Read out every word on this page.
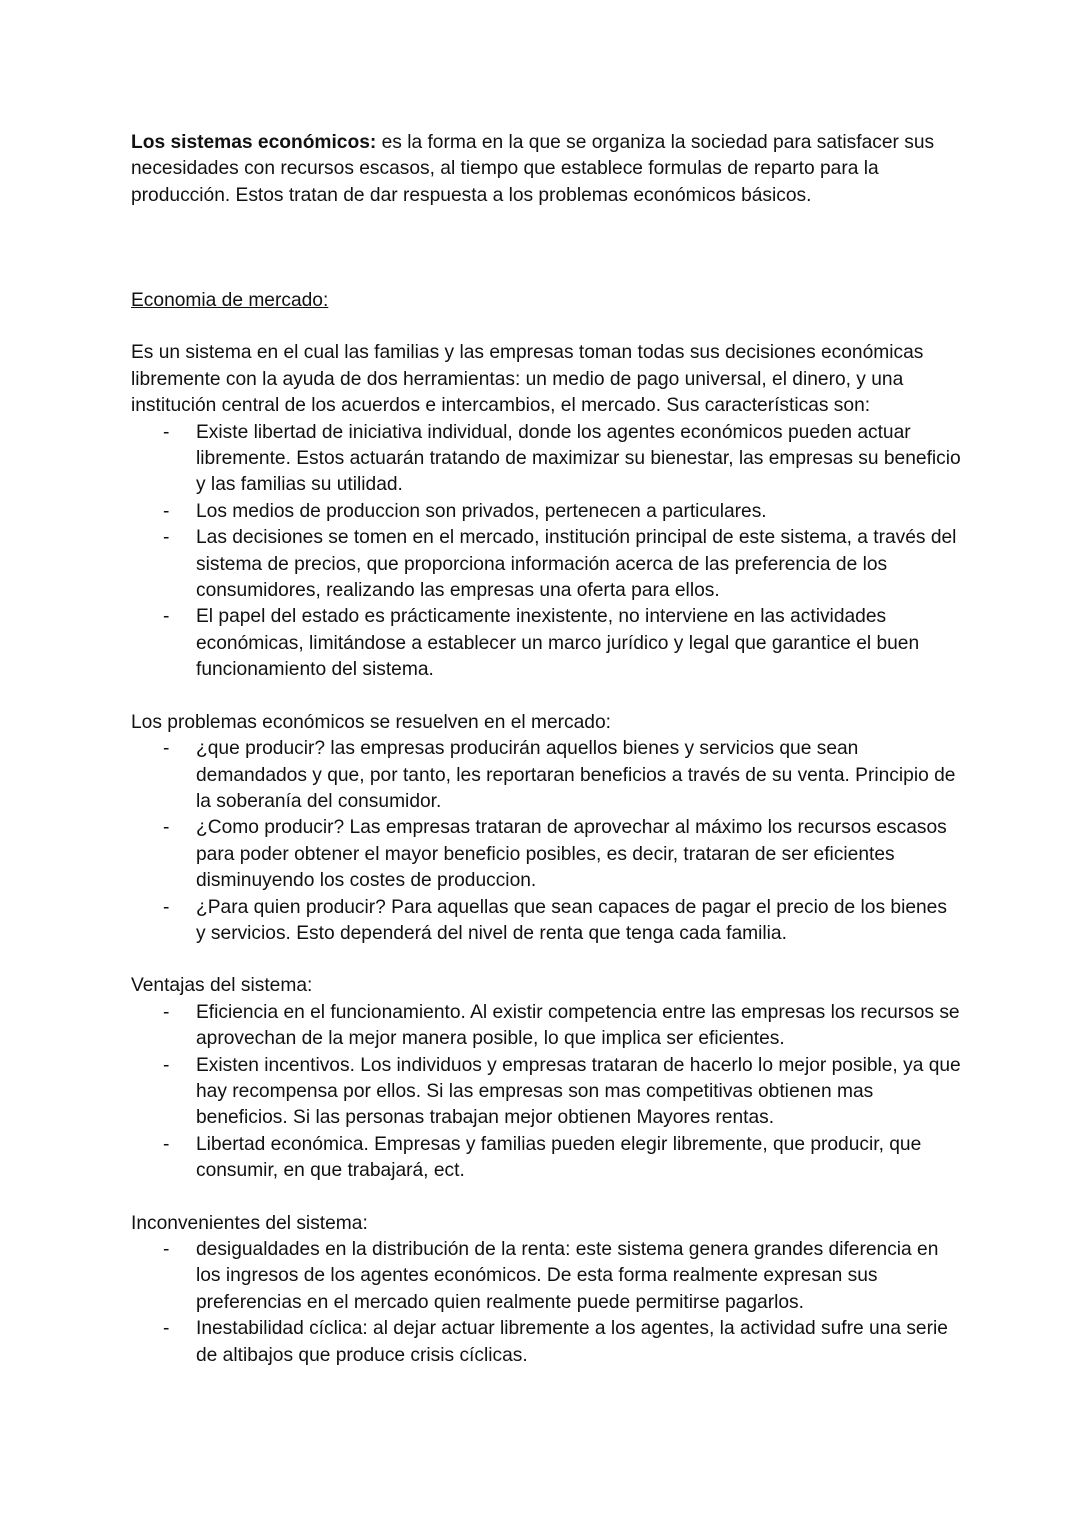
Los sistemas económicos: es la forma en la que se organiza la sociedad para satisfacer sus necesidades con recursos escasos, al tiempo que establece formulas de reparto para la producción. Estos tratan de dar respuesta a los problemas económicos básicos.

Economia de mercado:

Es un sistema en el cual las familias y las empresas toman todas sus decisiones económicas libremente con la ayuda de dos herramientas: un medio de pago universal, el dinero, y una institución central de los acuerdos e intercambios, el mercado. Sus características son:

- Existe libertad de iniciativa individual, donde los agentes económicos pueden actuar libremente. Estos actuarán tratando de maximizar su bienestar, las empresas su beneficio y las familias su utilidad.
- Los medios de produccion son privados, pertenecen a particulares.
- Las decisiones se tomen en el mercado, institución principal de este sistema, a través del sistema de precios, que proporciona información acerca de las preferencia de los consumidores, realizando las empresas una oferta para ellos.
- El papel del estado es prácticamente inexistente, no interviene en las actividades económicas, limitándose a establecer un marco jurídico y legal que garantice el buen funcionamiento del sistema.

Los problemas económicos se resuelven en el mercado:

- ¿que producir? las empresas producirán aquellos bienes y servicios que sean demandados y que, por tanto, les reportaran beneficios a través de su venta. Principio de la soberanía del consumidor.
- ¿Como producir? Las empresas trataran de aprovechar al máximo los recursos escasos para poder obtener el mayor beneficio posibles, es decir, trataran de ser eficientes disminuyendo los costes de produccion.
- ¿Para quien producir? Para aquellas que sean capaces de pagar el precio de los bienes y servicios. Esto dependerá del nivel de renta que tenga cada familia.

Ventajas del sistema:

- Eficiencia en el funcionamiento. Al existir competencia entre las empresas los recursos se aprovechan de la mejor manera posible, lo que implica ser eficientes.
- Existen incentivos. Los individuos y empresas trataran de hacerlo lo mejor posible, ya que hay recompensa por ellos. Si las empresas son mas competitivas obtienen mas beneficios. Si las personas trabajan mejor obtienen Mayores rentas.
- Libertad económica. Empresas y familias pueden elegir libremente, que producir, que consumir, en que trabajará, ect.

Inconvenientes del sistema:

- desigualdades en la distribución de la renta: este sistema genera grandes diferencia en los ingresos de los agentes económicos. De esta forma realmente expresan sus preferencias en el mercado quien realmente puede permitirse pagarlos.
- Inestabilidad cíclica: al dejar actuar libremente a los agentes, la actividad sufre una serie de altibajos que produce crisis cíclicas.
